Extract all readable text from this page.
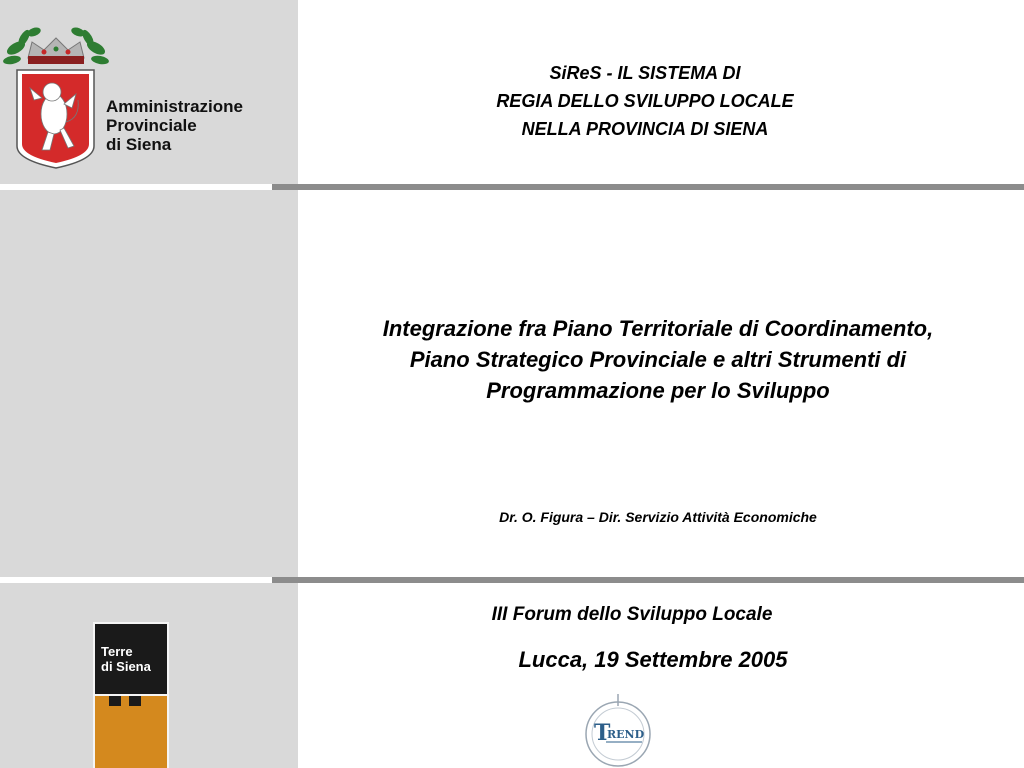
Amministrazione
Provinciale
di Siena
SiReS - IL SISTEMA DI
REGIA DELLO SVILUPPO LOCALE
NELLA PROVINCIA DI SIENA
Integrazione fra Piano Territoriale di Coordinamento,
Piano Strategico Provinciale e altri Strumenti di
Programmazione per lo Sviluppo
Dr. O. Figura – Dir. Servizio Attività Economiche
III Forum dello Sviluppo Locale
Lucca, 19 Settembre 2005
Terre
di Siena
T
REND
